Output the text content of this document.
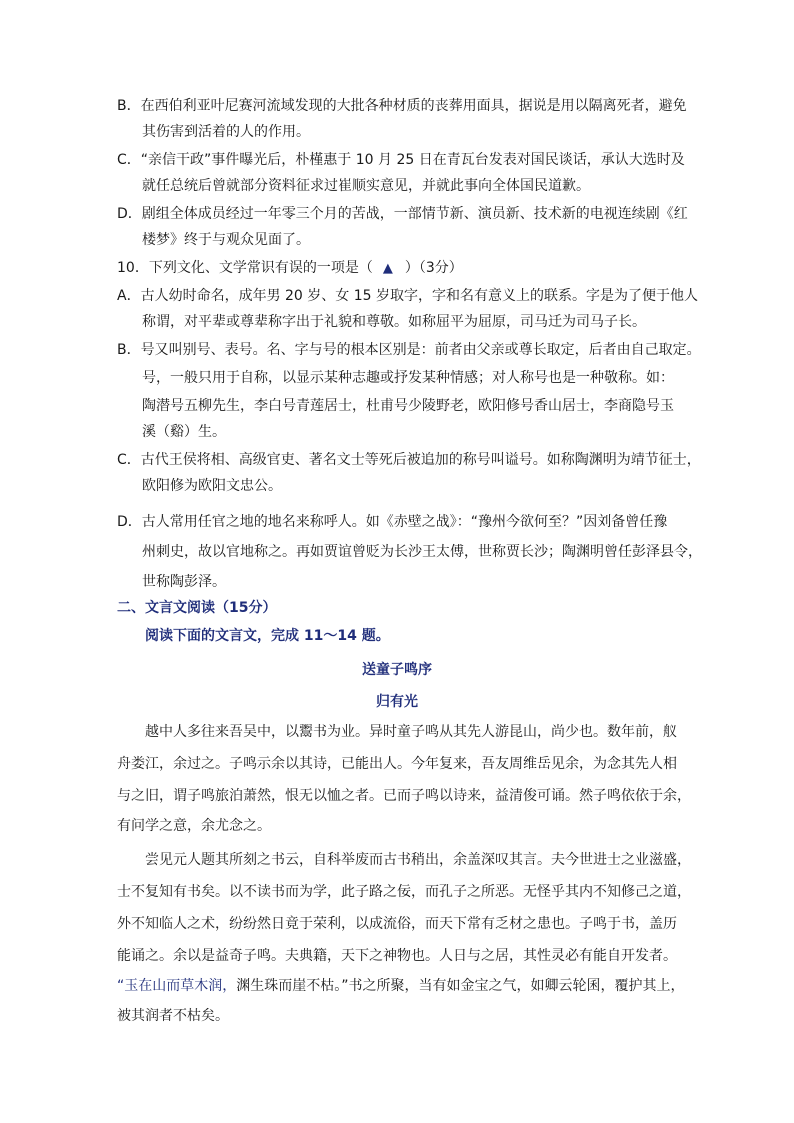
B．在西伯利亚叶尼赛河流域发现的大批各种材质的丧葬用面具，据说是用以隔离死者，避免
其伤害到活着的人的作用。
C．“亲信干政”事件曝光后，朴槿惠于 10 月 25 日在青瓦台发表对国民谈话，承认大选时及
就任总统后曾就部分资料征求过崔顺实意见，并就此事向全体国民道歉。
D．剧组全体成员经过一年零三个月的苦战，一部情节新、演员新、技术新的电视连续剧《红
楼梦》终于与观众见面了。
10．下列文化、文学常识有误的一项是（ ▲ ）（3分）
A．古人幼时命名，成年男 20 岁、女 15 岁取字，字和名有意义上的联系。字是为了便于他人
称谓，对平辈或尊辈称字出于礼貌和尊敬。如称屈平为屈原，司马迁为司马子长。
B．号又叫别号、表号。名、字与号的根本区别是：前者由父亲或尊长取定，后者由自己取定。
号，一般只用于自称，以显示某种志趣或抒发某种情感；对人称号也是一种敬称。如：
陶潜号五柳先生，李白号青莲居士，杜甫号少陵野老，欧阳修号香山居士，李商隐号玉
溪（谿）生。
C．古代王侯将相、高级官吏、著名文士等死后被追加的称号叫谥号。如称陶渊明为靖节征士，
欧阳修为欧阳文忠公。
D．古人常用任官之地的地名来称呼人。如《赤壁之战》：“豫州今欲何至？”因刘备曾任豫
州刺史，故以官地称之。再如贾谊曾贬为长沙王太傅，世称贾长沙；陶渊明曾任彭泽县令，
世称陶彭泽。
二、文言文阅读（15分）
阅读下面的文言文，完成 11～14 题。
送童子鸣序
归有光
越中人多往来吾吴中，以鬻书为业。异时童子鸣从其先人游昆山，尚少也。数年前，舣
舟娄江，余过之。子鸣示余以其诗，已能出人。今年复来，吾友周维岳见余，为念其先人相
与之旧，谓子鸣旅泊萧然，恨无以恤之者。已而子鸣以诗来，益清俊可诵。然子鸣依依于余，
有问学之意，余尤念之。
尝见元人题其所刻之书云，自科举废而古书稍出，余盖深叹其言。夫今世进士之业滋盛，
士不复知有书矣。以不读书而为学，此子路之佞，而孔子之所恶。无怪乎其内不知修己之道，
外不知临人之术，纷纷然日竟于荣利，以成流俗，而天下常有乏材之患也。子鸣于书，盖历
能诵之。余以是益奇子鸣。夫典籍，天下之神物也。人日与之居，其性灵必有能自开发者。
“玉在山而草木润，渊生珠而崖不枯。”书之所聚，当有如金宝之气，如卿云轮囷，覆护其上，
被其润者不枯矣。
